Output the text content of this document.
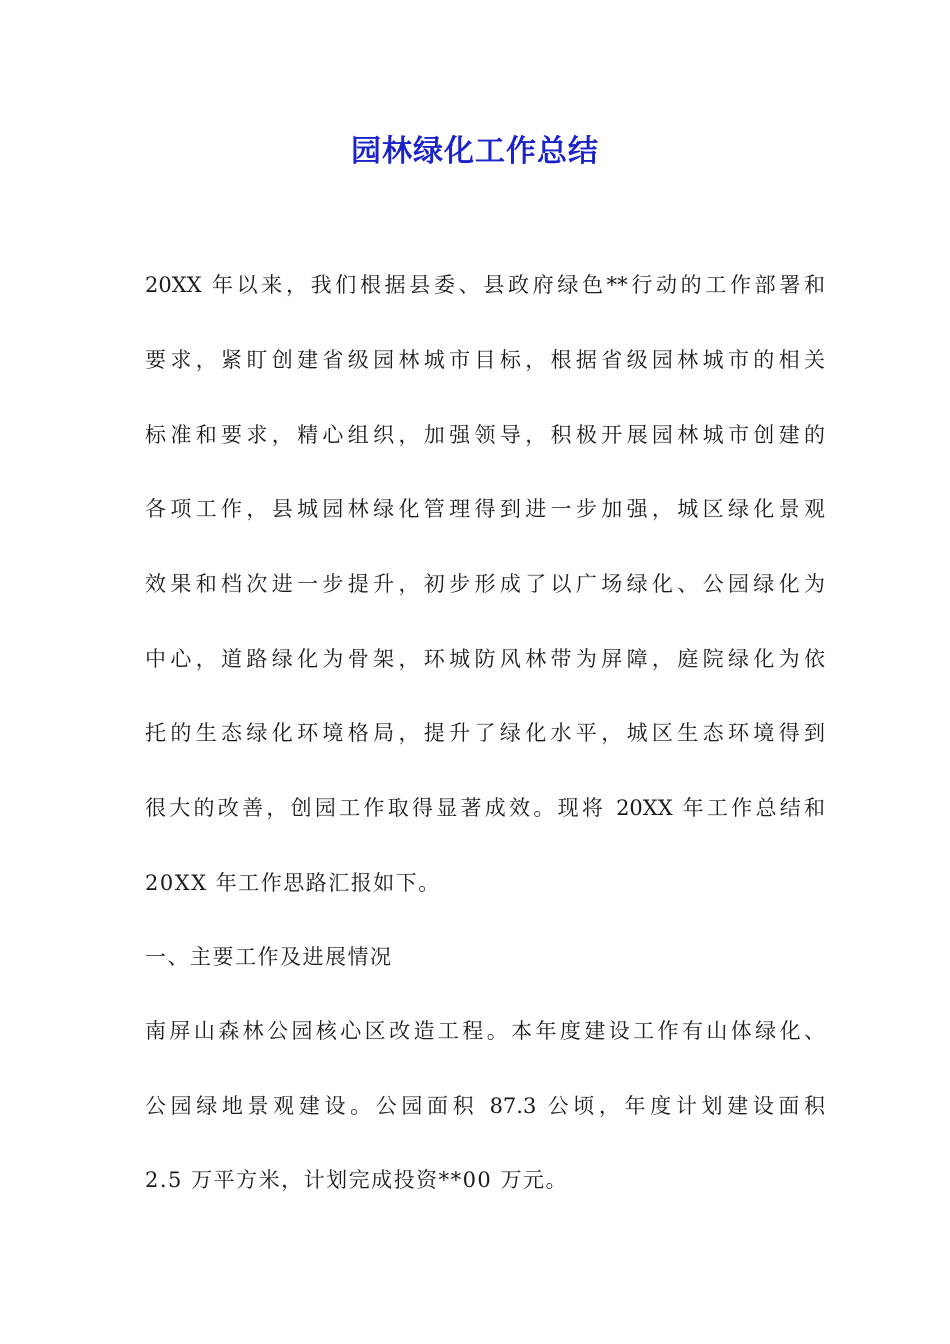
园林绿化工作总结
20XX 年以来，我们根据县委、县政府绿色**行动的工作部署和
要求，紧盯创建省级园林城市目标，根据省级园林城市的相关
标准和要求，精心组织，加强领导，积极开展园林城市创建的
各项工作，县城园林绿化管理得到进一步加强，城区绿化景观
效果和档次进一步提升，初步形成了以广场绿化、公园绿化为
中心，道路绿化为骨架，环城防风林带为屏障，庭院绿化为依
托的生态绿化环境格局，提升了绿化水平，城区生态环境得到
很大的改善，创园工作取得显著成效。现将 20XX 年工作总结和
20XX 年工作思路汇报如下。
一、主要工作及进展情况
南屏山森林公园核心区改造工程。本年度建设工作有山体绿化、
公园绿地景观建设。公园面积 87.3 公顷，年度计划建设面积
2.5 万平方米，计划完成投资**00 万元。
